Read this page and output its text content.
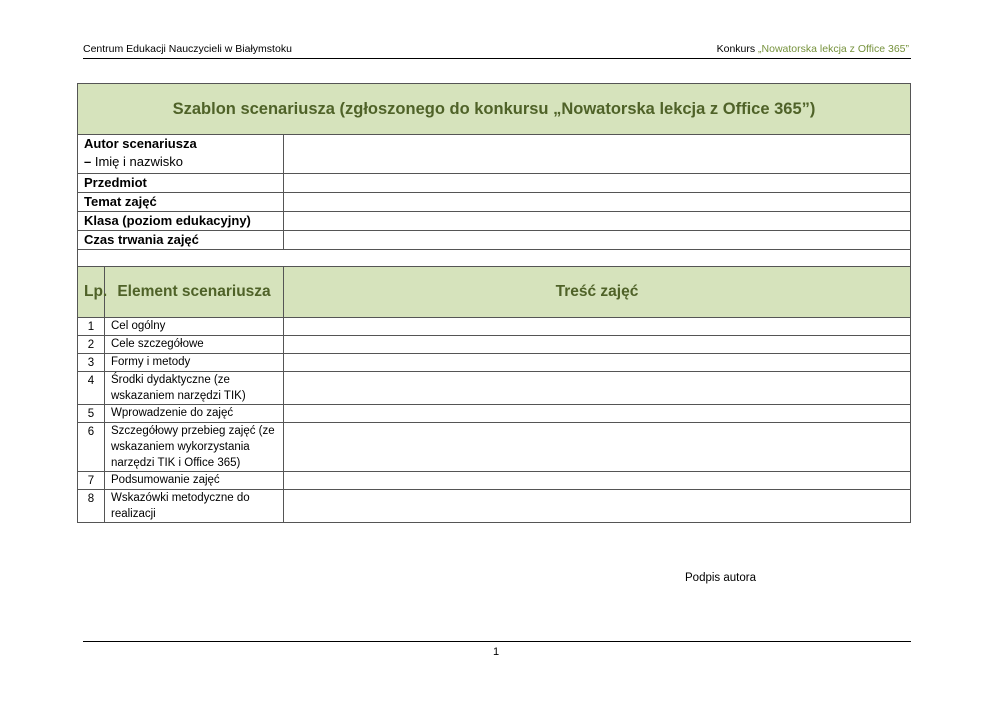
Centrum Edukacji Nauczycieli w Białymstoku	Konkurs „Nowatorska lekcja z Office 365”
Szablon scenariusza (zgłoszonego do konkursu „Nowatorska lekcja z Office 365”)		
Autor scenariusza
– Imię i nazwisko		
Przedmiot		
Temat zajęć		
Klasa (poziom edukacyjny)		
Czas trwania zajęć		

Lp.	Element scenariusza	Treść zajęć
1	Cel ogólny	
2	Cele szczegółowe	
3	Formy i metody	
4	Środki dydaktyczne (ze wskazaniem narzędzi TIK)	
5	Wprowadzenie do zajęć	
6	Szczegółowy przebieg zajęć (ze wskazaniem wykorzystania narzędzi TIK i Office 365)	
7	Podsumowanie zajęć	
8	Wskazówki metodyczne do realizacji	
Podpis autora
1
